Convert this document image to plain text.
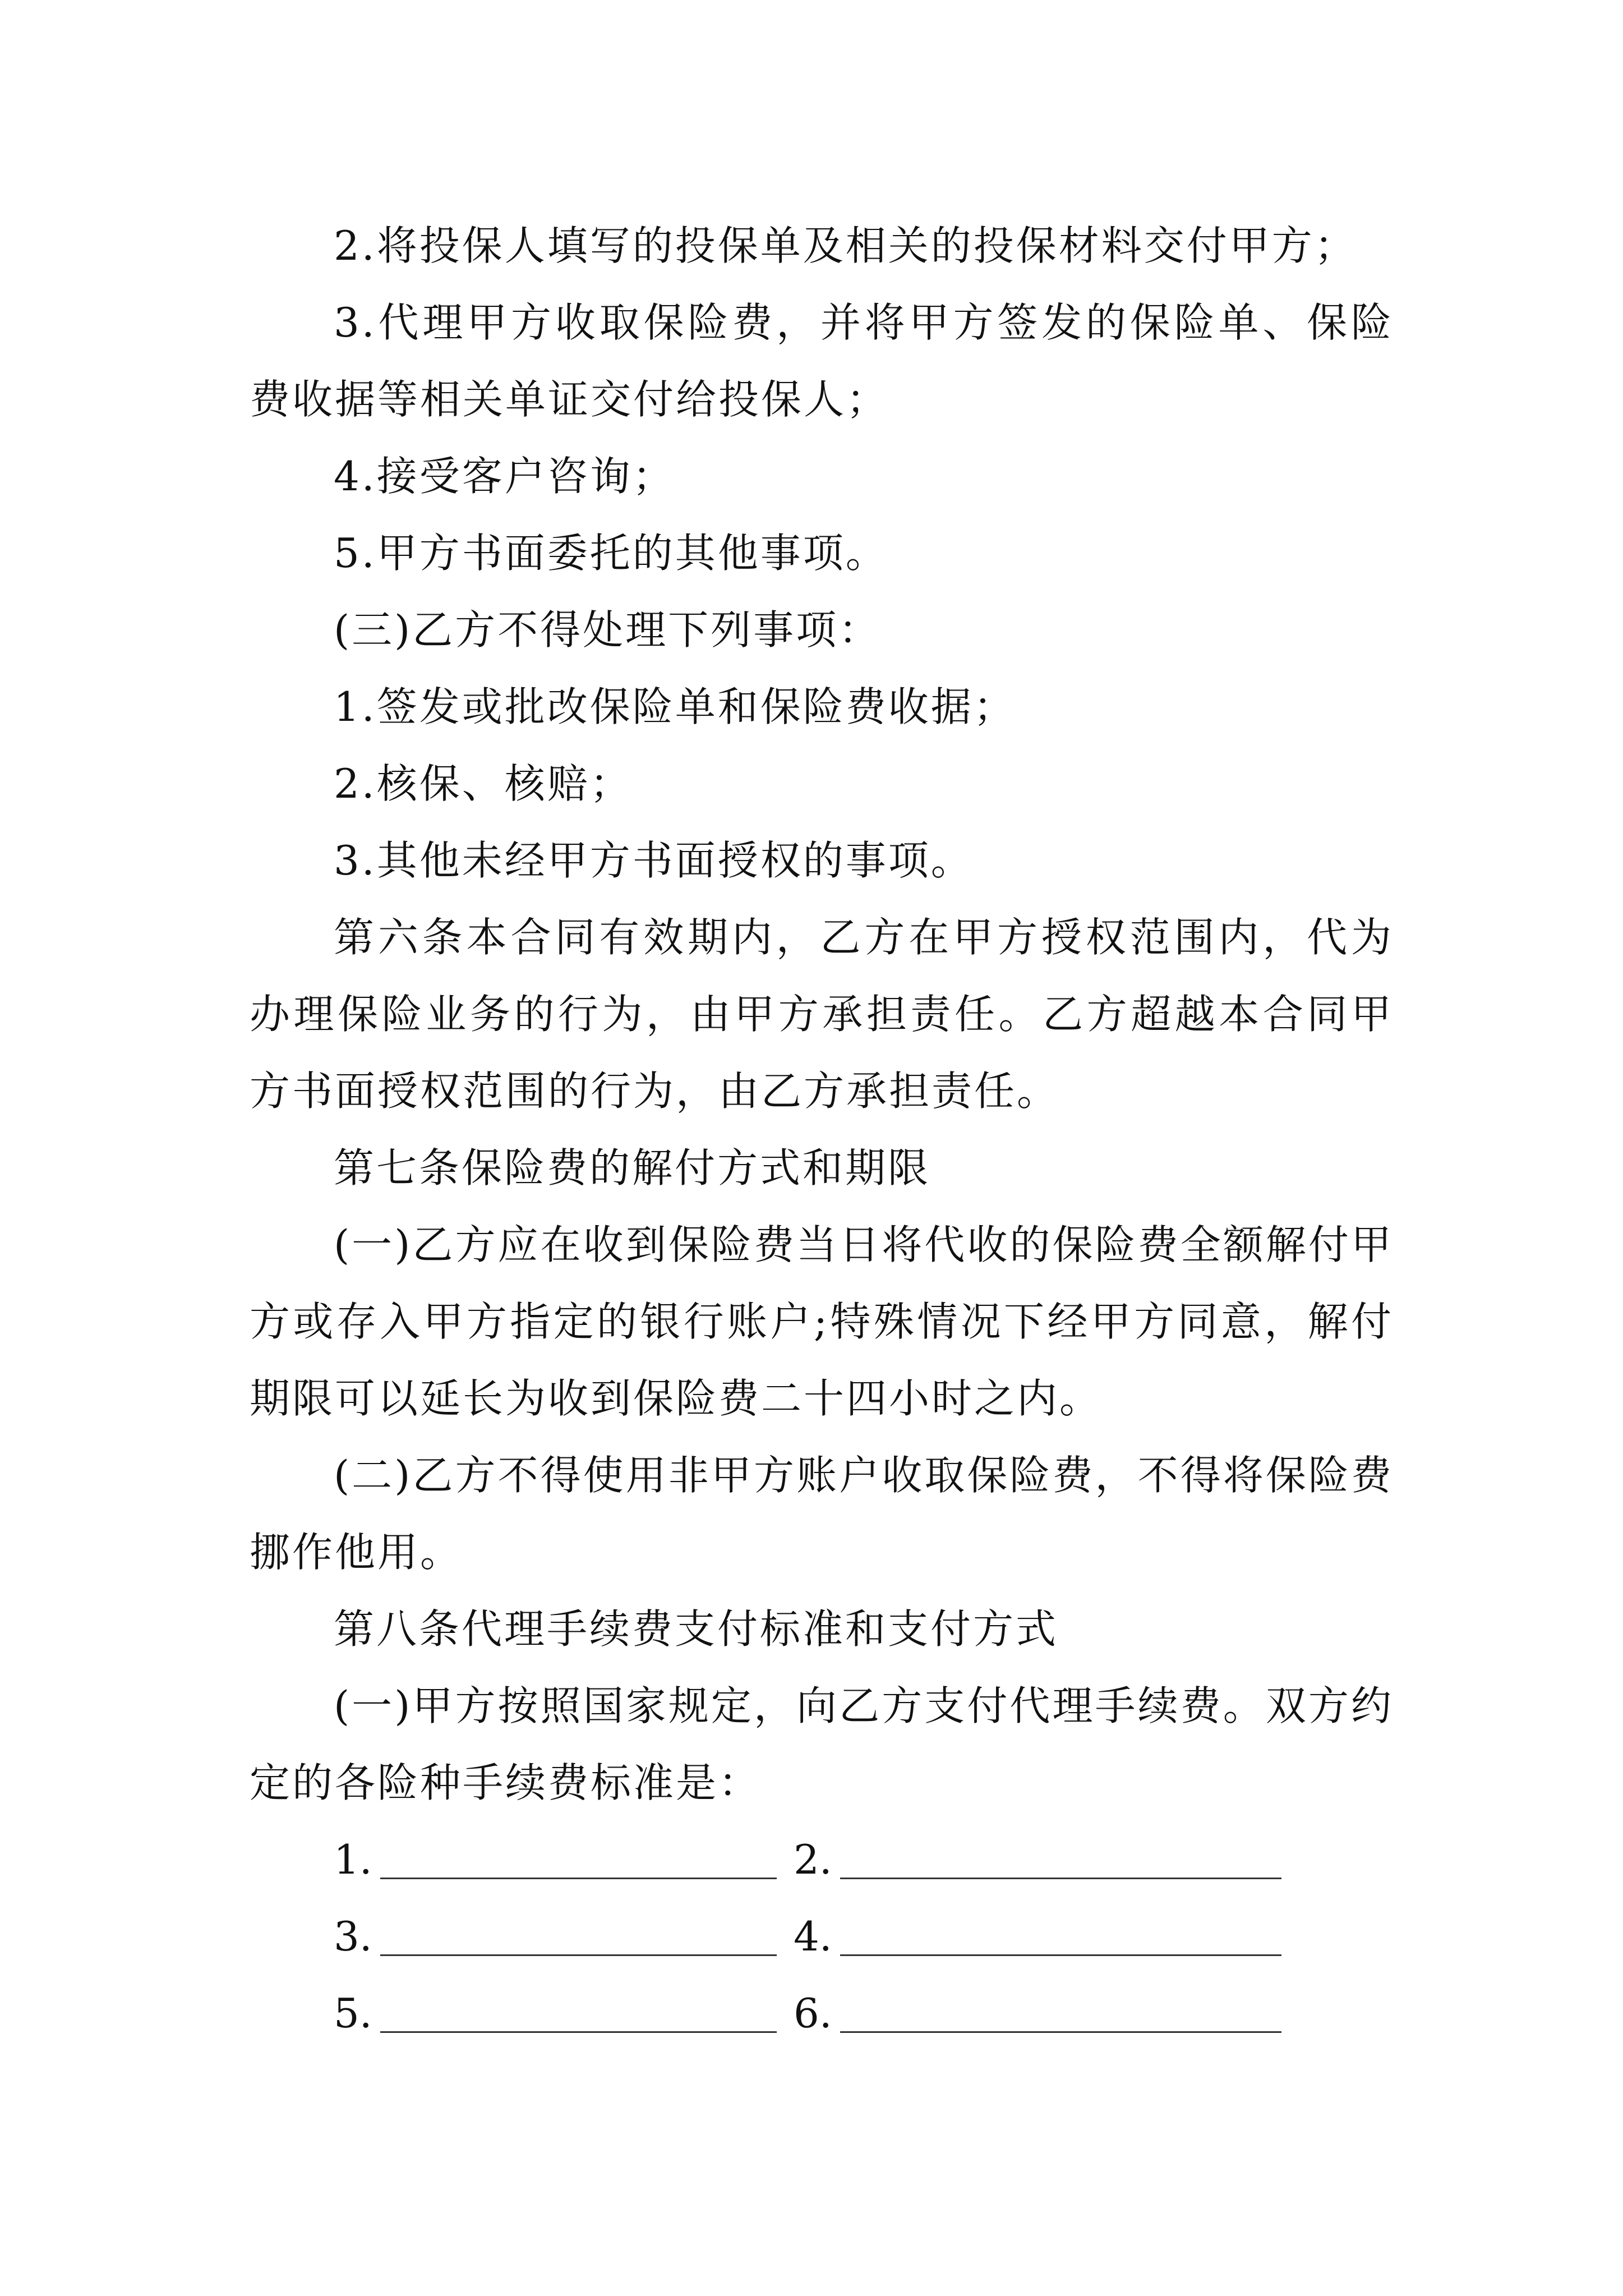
2.将投保人填写的投保单及相关的投保材料交付甲方；

3.代理甲方收取保险费，并将甲方签发的保险单、保险费收据等相关单证交付给投保人；

4.接受客户咨询；

5.甲方书面委托的其他事项。

(三)乙方不得处理下列事项：

1.签发或批改保险单和保险费收据；

2.核保、核赔；

3.其他未经甲方书面授权的事项。

第六条本合同有效期内，乙方在甲方授权范围内，代为办理保险业务的行为，由甲方承担责任。乙方超越本合同甲方书面授权范围的行为，由乙方承担责任。

第七条保险费的解付方式和期限

(一)乙方应在收到保险费当日将代收的保险费全额解付甲方或存入甲方指定的银行账户;特殊情况下经甲方同意，解付期限可以延长为收到保险费二十四小时之内。

(二)乙方不得使用非甲方账户收取保险费，不得将保险费挪作他用。

第八条代理手续费支付标准和支付方式

(一)甲方按照国家规定，向乙方支付代理手续费。双方约定的各险种手续费标准是：

1.	2.
3.	4.
5.	6.
